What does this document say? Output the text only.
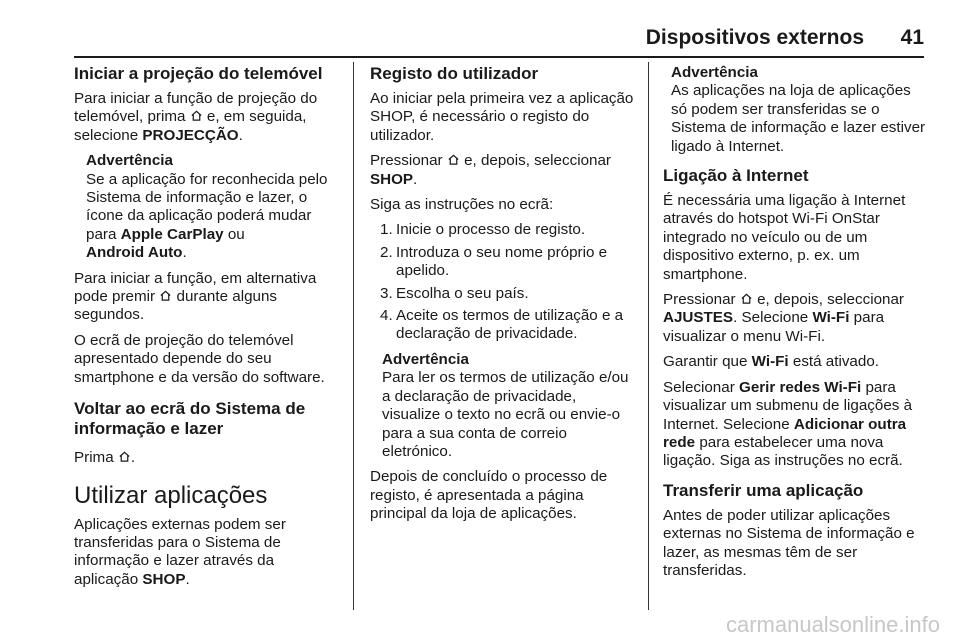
Dispositivos externos 41
Iniciar a projeção do telemóvel

Para iniciar a função de projeção do telemóvel, prima e, em seguida, selecione PROJECÇÃO.

Advertência
Se a aplicação for reconhecida pelo Sistema de informação e lazer, o ícone da aplicação poderá mudar para Apple CarPlay ou
Android Auto.

Para iniciar a função, em alternativa pode premir durante alguns segundos.

O ecrã de projeção do telemóvel apresentado depende do seu smartphone e da versão do software.

Voltar ao ecrã do Sistema de informação e lazer

Prima .

Utilizar aplicações

Aplicações externas podem ser transferidas para o Sistema de informação e lazer através da aplicação SHOP.

Registo do utilizador

Ao iniciar pela primeira vez a aplicação SHOP, é necessário o registo do utilizador.

Pressionar e, depois, seleccionar SHOP.

Siga as instruções no ecrã:

1. Inicie o processo de registo.
2. Introduza o seu nome próprio e apelido.
3. Escolha o seu país.
4. Aceite os termos de utilização e a declaração de privacidade.
Advertência
Para ler os termos de utilização e/ou a declaração de privacidade, visualize o texto no ecrã ou envie-o para a sua conta de correio eletrónico.

Depois de concluído o processo de registo, é apresentada a página principal da loja de aplicações.

Advertência
As aplicações na loja de aplicações só podem ser transferidas se o Sistema de informação e lazer estiver ligado à Internet.
Ligação à Internet

É necessária uma ligação à Internet através do hotspot Wi-Fi OnStar integrado no veículo ou de um dispositivo externo, p. ex. um smartphone.

Pressionar e, depois, seleccionar AJUSTES. Selecione Wi-Fi para visualizar o menu Wi-Fi.

Garantir que Wi-Fi está ativado.

Selecionar Gerir redes Wi-Fi para visualizar um submenu de ligações à Internet. Selecione Adicionar outra rede para estabelecer uma nova ligação. Siga as instruções no ecrã.

Transferir uma aplicação

Antes de poder utilizar aplicações externas no Sistema de informação e lazer, as mesmas têm de ser transferidas.

carmanualsonline.info
